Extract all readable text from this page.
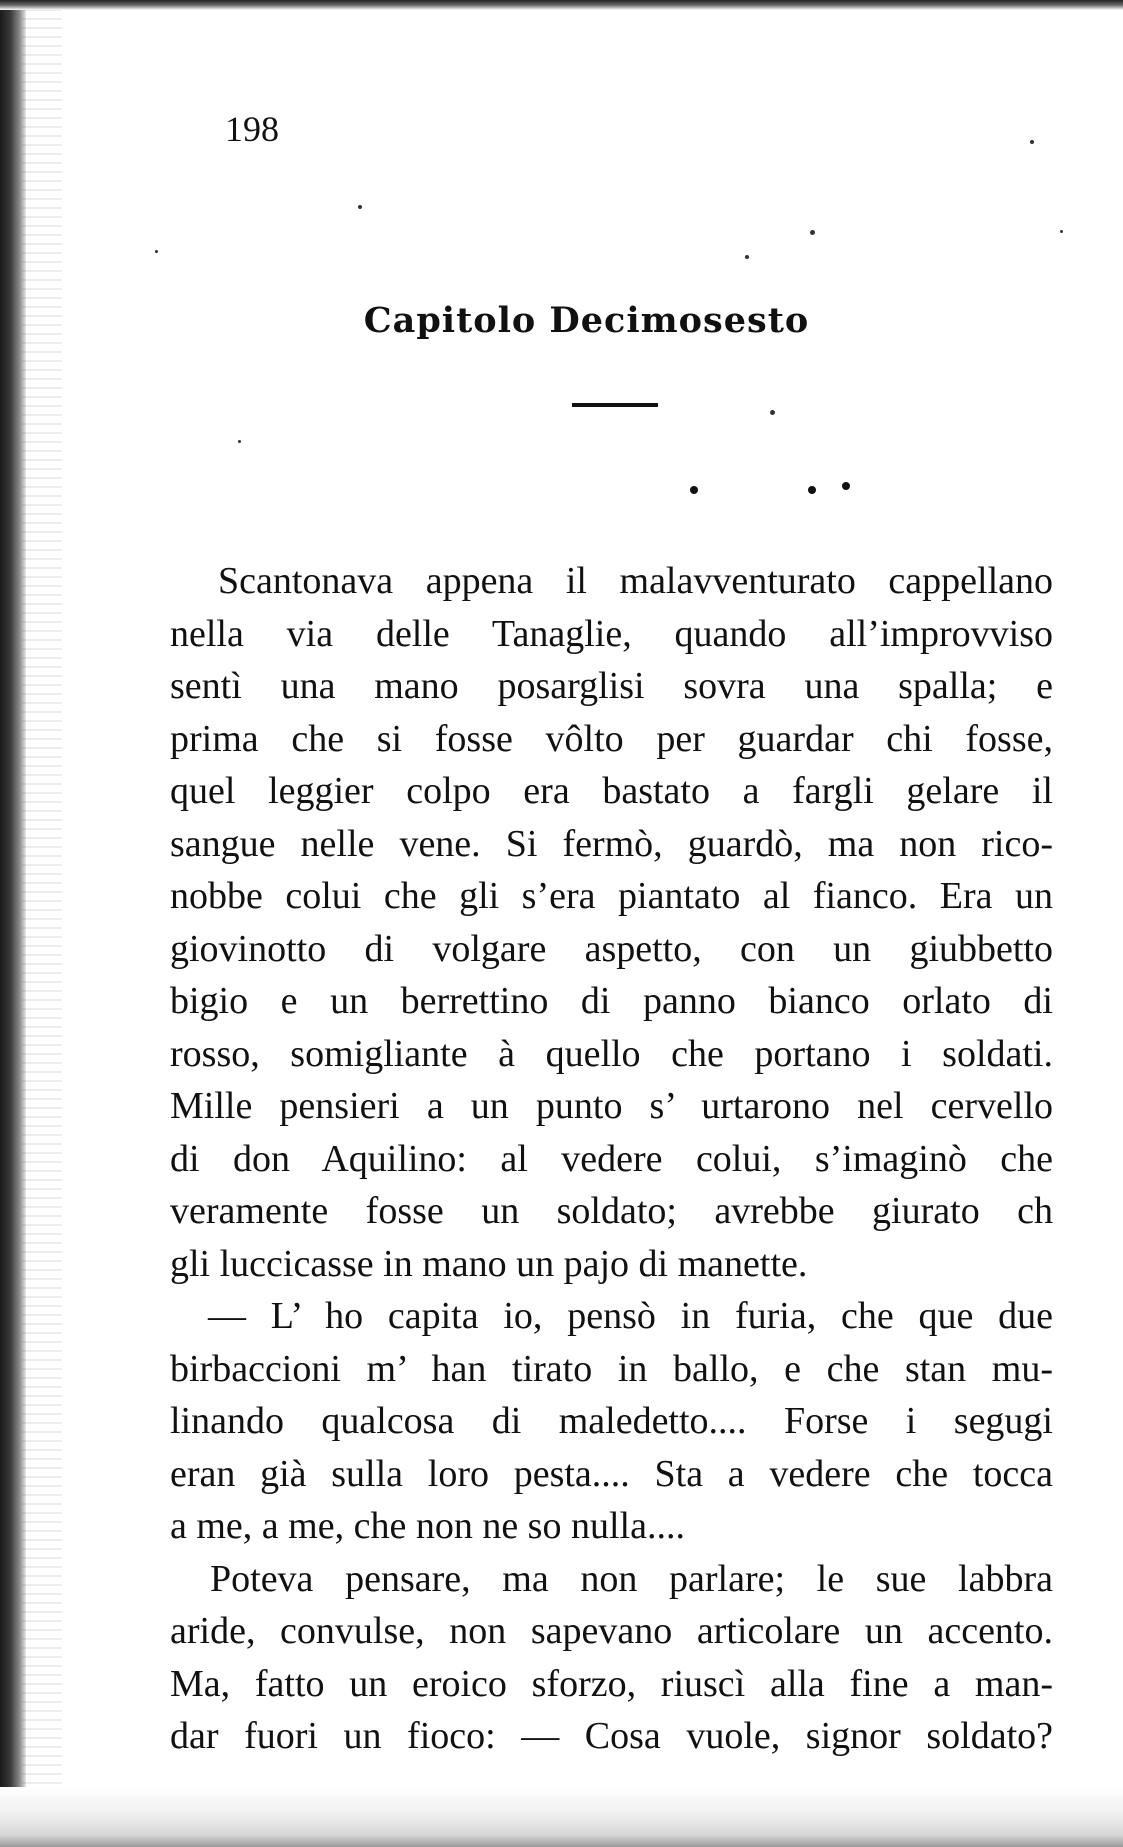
198
Capitolo Decimosesto
Scantonava appena il malavventurato cappellano
nella via delle Tanaglie, quando all’improvviso
sentì una mano posarglisi sovra una spalla; e
prima che si fosse vôlto per guardar chi fosse,
quel leggier colpo era bastato a fargli gelare il
sangue nelle vene. Si fermò, guardò, ma non rico-
nobbe colui che gli s’era piantato al fianco. Era un
giovinotto di volgare aspetto, con un giubbetto
bigio e un berrettino di panno bianco orlato di
rosso, somigliante à quello che portano i soldati.
Mille pensieri a un punto s’ urtarono nel cervello
di don Aquilino: al vedere colui, s’imaginò che
veramente fosse un soldato; avrebbe giurato ch
gli luccicasse in mano un pajo di manette.
— L’ ho capita io, pensò in furia, che que due
birbaccioni m’ han tirato in ballo, e che stan mu-
linando qualcosa di maledetto.... Forse i segugi
eran già sulla loro pesta.... Sta a vedere che tocca
a me, a me, che non ne so nulla....
Poteva pensare, ma non parlare; le sue labbra
aride, convulse, non sapevano articolare un accento.
Ma, fatto un eroico sforzo, riuscì alla fine a man-
dar fuori un fioco: — Cosa vuole, signor soldato?
